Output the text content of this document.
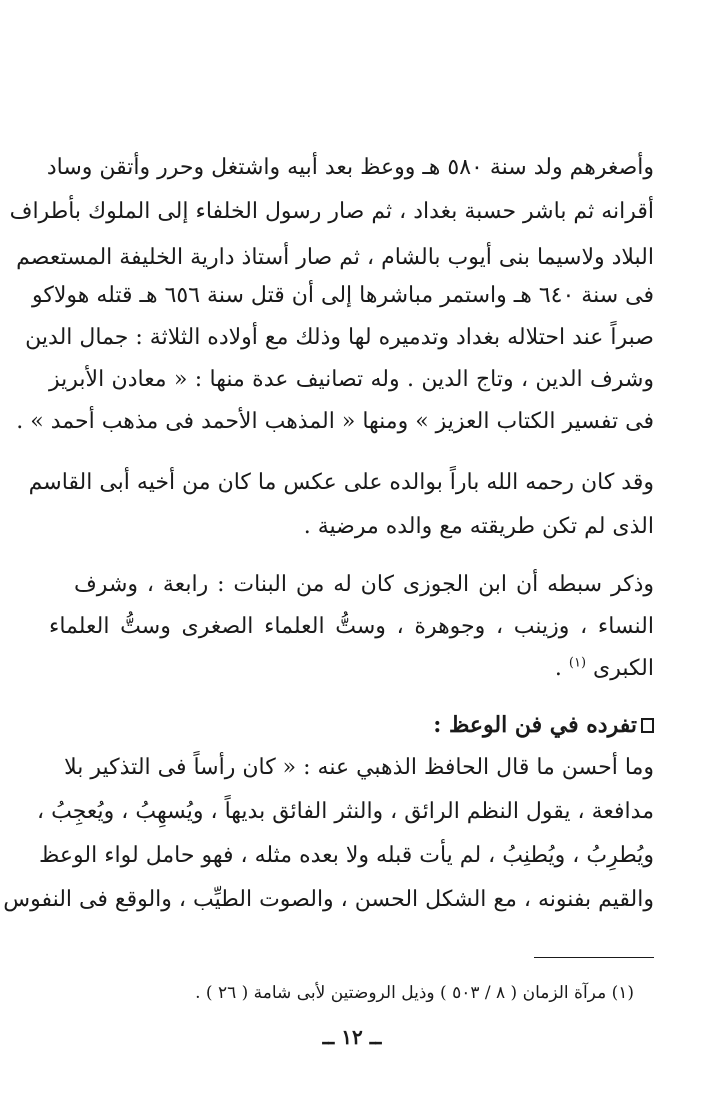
وأصغرهم ولد سنة ٥٨٠ هـ ووعظ بعد أبيه واشتغل وحرر وأتقن وساد
أقرانه ثم باشر حسبة بغداد ، ثم صار رسول الخلفاء إلى الملوك بأطراف
البلاد ولاسيما بنى أيوب بالشام ، ثم صار أستاذ دارية الخليفة المستعصم
فى سنة ٦٤٠ هـ واستمر مباشرها إلى أن قتل سنة ٦٥٦ هـ قتله هولاكو
صبراً عند احتلاله بغداد وتدميره لها وذلك مع أولاده الثلاثة : جمال الدين
وشرف الدين ، وتاج الدين . وله تصانيف عدة منها : « معادن الأبريز
فى تفسير الكتاب العزيز » ومنها « المذهب الأحمد فى مذهب أحمد » .
وقد كان رحمه الله باراً بوالده على عكس ما كان من أخيه أبى القاسم
الذى لم تكن طريقته مع والده مرضية .
وذكر سبطه أن ابن الجوزى كان له من البنات : رابعة ، وشرف
النساء ، وزينب ، وجوهرة ، وستُّ العلماء الصغرى وستُّ العلماء
الكبرى $^{(١)}$ .
تفرده في فن الوعظ :
وما أحسن ما قال الحافظ الذهبي عنه : « كان رأساً فى التذكير بلا
مدافعة ، يقول النظم الرائق ، والنثر الفائق بديهاً ، ويُسهِبُ ، ويُعجِبُ ،
ويُطرِبُ ، ويُطنِبُ ، لم يأت قبله ولا بعده مثله ، فهو حامل لواء الوعظ
والقيم بفنونه ، مع الشكل الحسن ، والصوت الطيِّب ، والوقع فى النفوس
(١) مرآة الزمان ( ٨ / ٥٠٣ ) وذيل الروضتين لأبى شامة ( ٢٦ ) .
ــ ١٢ ــ
